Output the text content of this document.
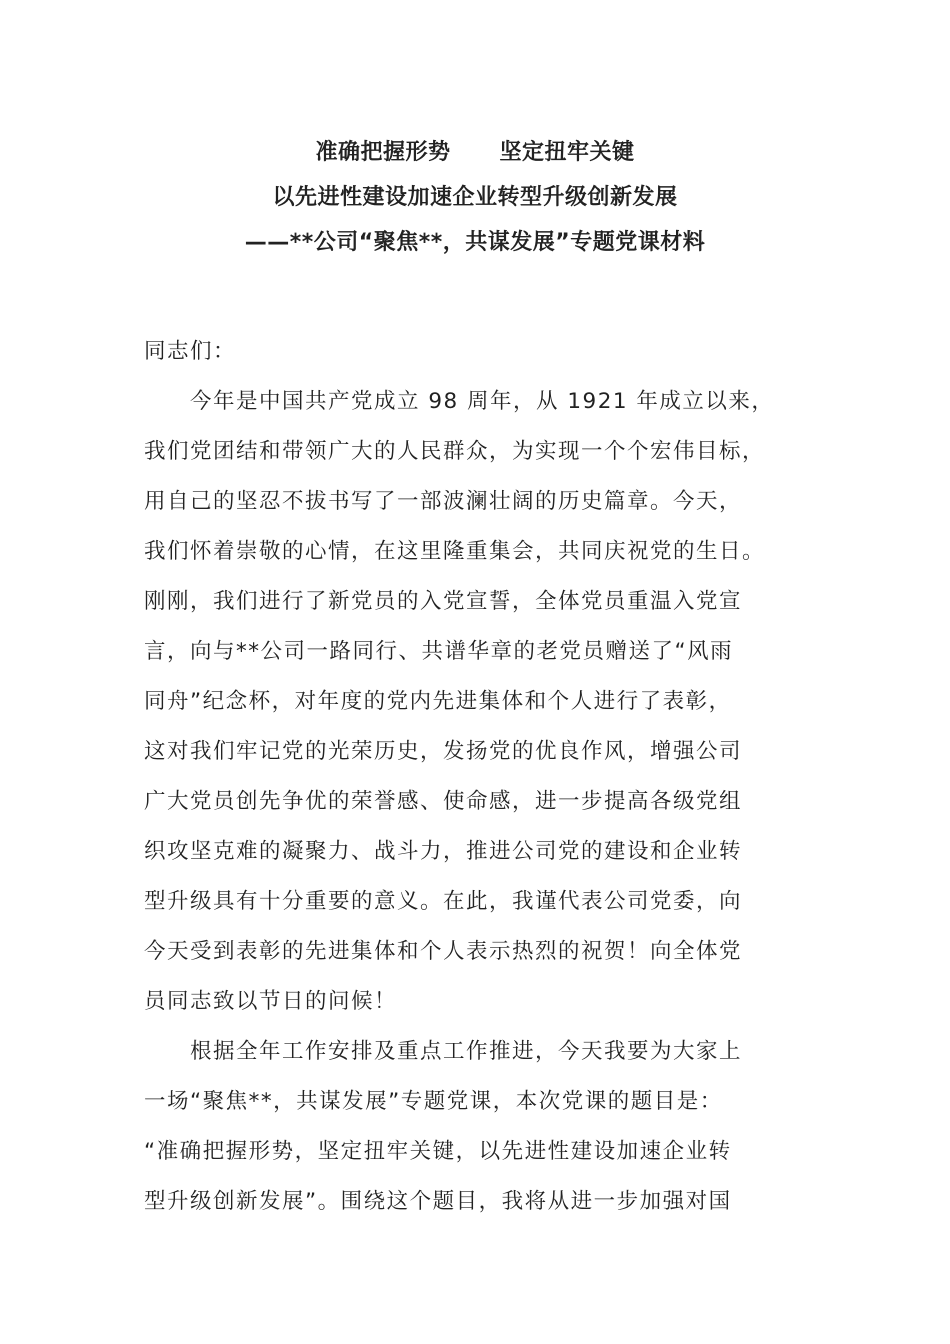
准确把握形势      坚定扭牢关键
以先进性建设加速企业转型升级创新发展
——**公司“聚焦**，共谋发展”专题党课材料
同志们：
今年是中国共产党成立 98 周年，从 1921 年成立以来，
我们党团结和带领广大的人民群众，为实现一个个宏伟目标，
用自己的坚忍不拔书写了一部波澜壮阔的历史篇章。今天，
我们怀着崇敬的心情，在这里隆重集会，共同庆祝党的生日。
刚刚，我们进行了新党员的入党宣誓，全体党员重温入党宣
言，向与**公司一路同行、共谱华章的老党员赠送了“风雨
同舟”纪念杯，对年度的党内先进集体和个人进行了表彰，
这对我们牢记党的光荣历史，发扬党的优良作风，增强公司
广大党员创先争优的荣誉感、使命感，进一步提高各级党组
织攻坚克难的凝聚力、战斗力，推进公司党的建设和企业转
型升级具有十分重要的意义。在此，我谨代表公司党委，向
今天受到表彰的先进集体和个人表示热烈的祝贺！向全体党
员同志致以节日的问候！
根据全年工作安排及重点工作推进，今天我要为大家上
一场“聚焦**，共谋发展”专题党课，本次党课的题目是：
“准确把握形势，坚定扭牢关键，以先进性建设加速企业转
型升级创新发展”。围绕这个题目，我将从进一步加强对国
